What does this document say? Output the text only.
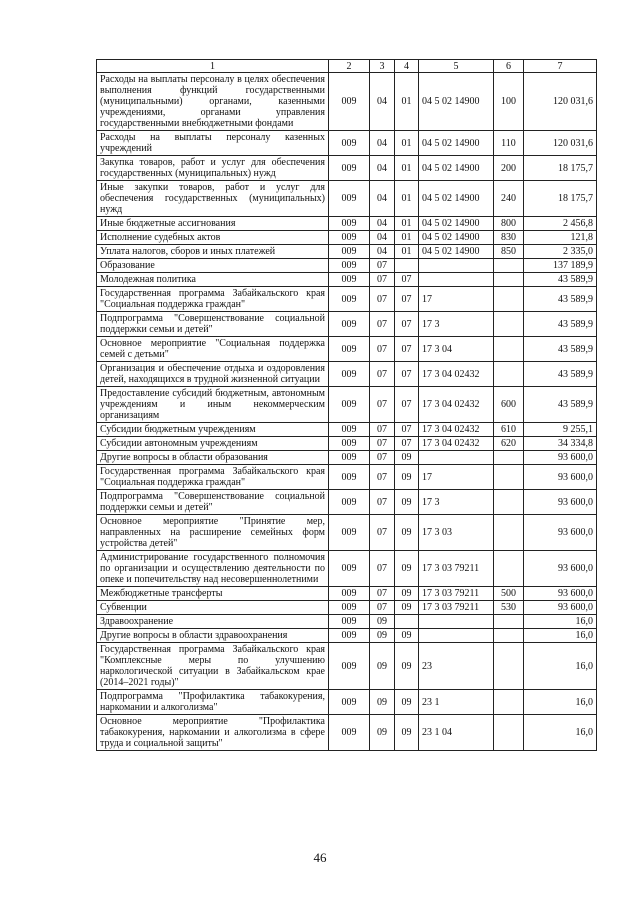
1	2	3	4	5	6	7
Расходы на выплаты персоналу в целях обеспечения выполнения функций государственными (муниципальными) органами, казенными учреждениями, органами управления государственными внебюджетными фондами	009	04	01	04 5 02 14900	100	120 031,6
Расходы на выплаты персоналу казенных учреждений	009	04	01	04 5 02 14900	110	120 031,6
Закупка товаров, работ и услуг для обеспечения государственных (муниципальных) нужд	009	04	01	04 5 02 14900	200	18 175,7
Иные закупки товаров, работ и услуг для обеспечения государственных (муниципальных) нужд	009	04	01	04 5 02 14900	240	18 175,7
Иные бюджетные ассигнования	009	04	01	04 5 02 14900	800	2 456,8
Исполнение судебных актов	009	04	01	04 5 02 14900	830	121,8
Уплата налогов, сборов и иных платежей	009	04	01	04 5 02 14900	850	2 335,0
Образование	009	07				137 189,9
Молодежная политика	009	07	07			43 589,9
Государственная программа Забайкальского края "Социальная поддержка граждан"	009	07	07	17		43 589,9
Подпрограмма "Совершенствование социальной поддержки семьи и детей"	009	07	07	17 3		43 589,9
Основное мероприятие "Социальная поддержка семей с детьми"	009	07	07	17 3 04		43 589,9
Организация и обеспечение отдыха и оздоровления детей, находящихся в трудной жизненной ситуации	009	07	07	17 3 04 02432		43 589,9
Предоставление субсидий бюджетным, автономным учреждениям и иным некоммерческим организациям	009	07	07	17 3 04 02432	600	43 589,9
Субсидии бюджетным учреждениям	009	07	07	17 3 04 02432	610	9 255,1
Субсидии автономным учреждениям	009	07	07	17 3 04 02432	620	34 334,8
Другие вопросы в области образования	009	07	09			93 600,0
Государственная программа Забайкальского края "Социальная поддержка граждан"	009	07	09	17		93 600,0
Подпрограмма "Совершенствование социальной поддержки семьи и детей"	009	07	09	17 3		93 600,0
Основное мероприятие "Принятие мер, направленных на расширение семейных форм устройства детей"	009	07	09	17 3 03		93 600,0
Администрирование государственного полномочия по организации и осуществлению деятельности по опеке и попечительству над несовершеннолетними	009	07	09	17 3 03 79211		93 600,0
Межбюджетные трансферты	009	07	09	17 3 03 79211	500	93 600,0
Субвенции	009	07	09	17 3 03 79211	530	93 600,0
Здравоохранение	009	09				16,0
Другие вопросы в области здравоохранения	009	09	09			16,0
Государственная программа Забайкальского края "Комплексные меры по улучшению наркологической ситуации в Забайкальском крае (2014–2021 годы)"	009	09	09	23		16,0
Подпрограмма "Профилактика табакокурения, наркомании и алкоголизма"	009	09	09	23 1		16,0
Основное мероприятие "Профилактика табакокурения, наркомании и алкоголизма в сфере труда и социальной защиты"	009	09	09	23 1 04		16,0
46
